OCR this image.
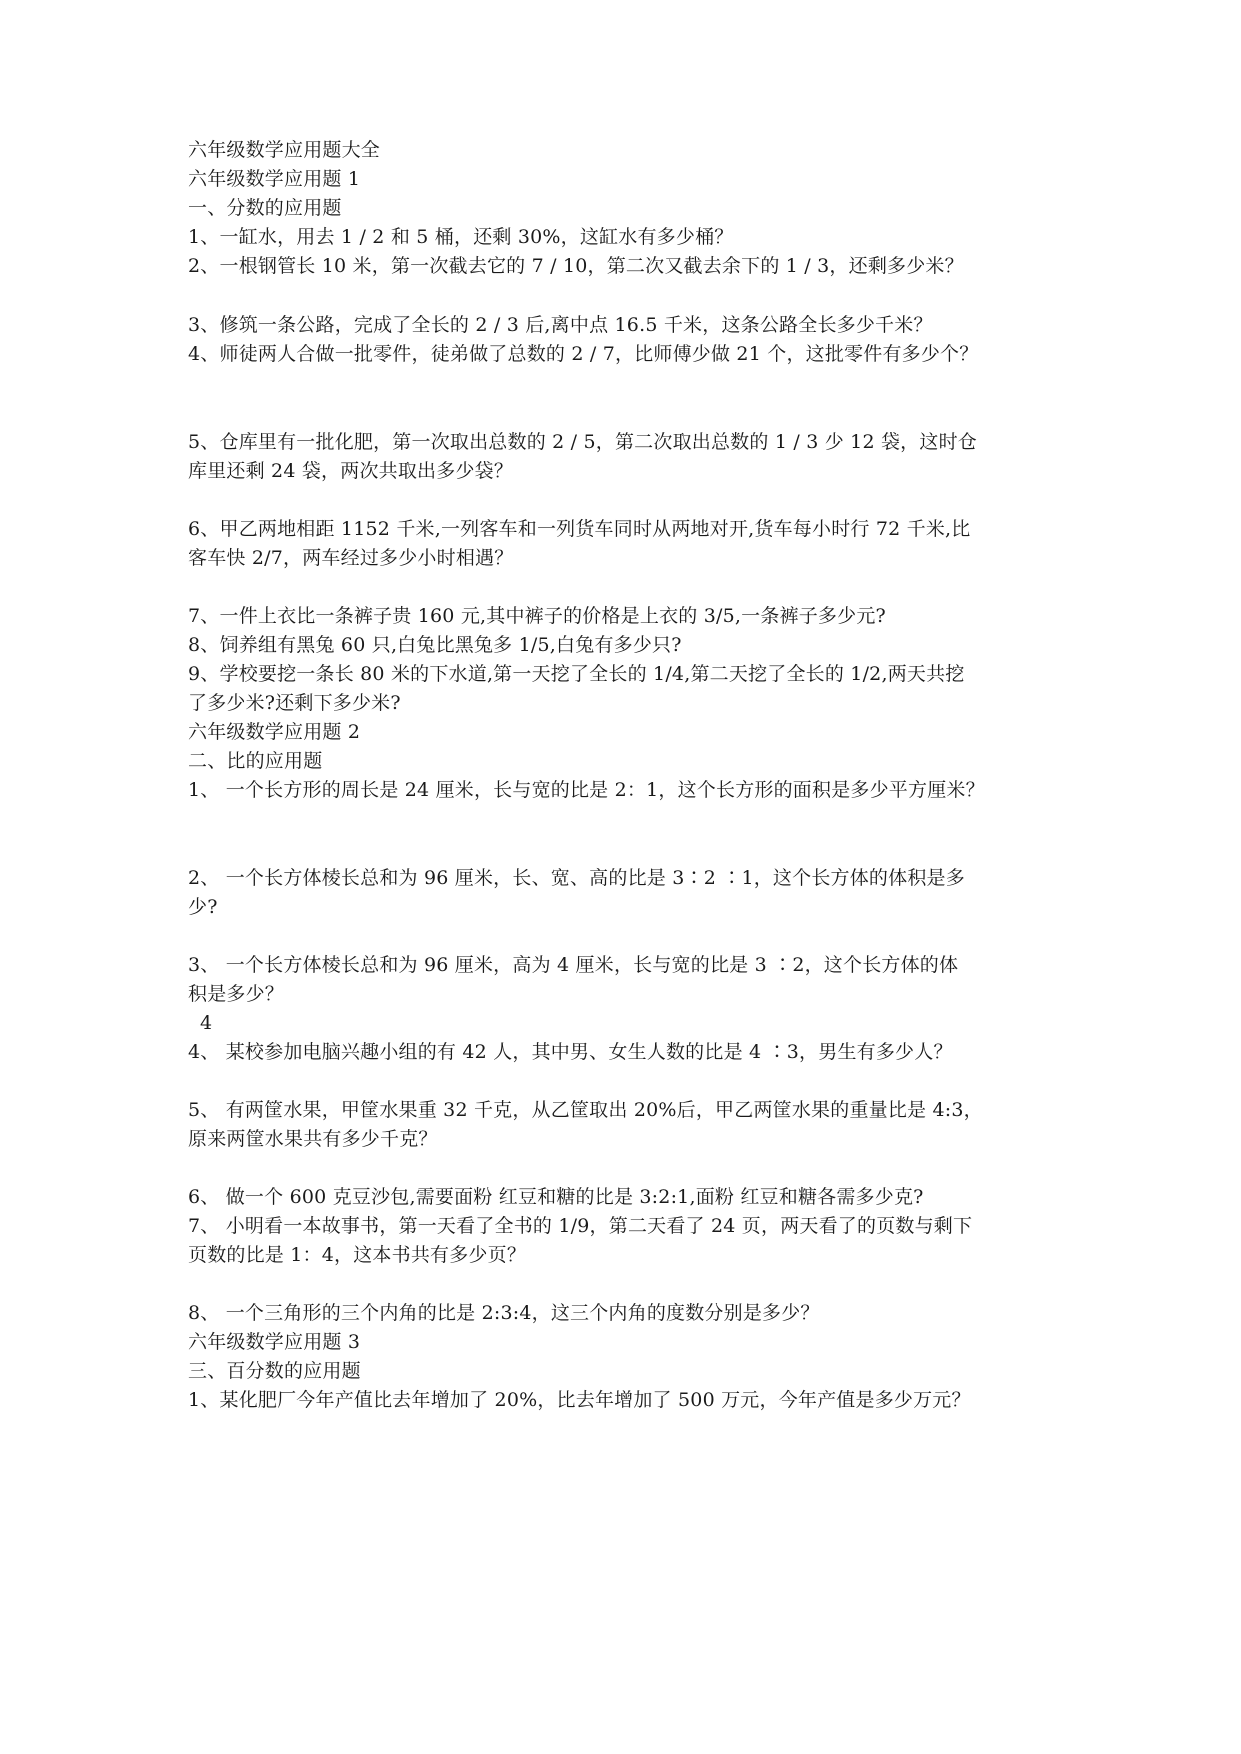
六年级数学应用题大全
六年级数学应用题 1
一、分数的应用题
1、一缸水，用去 1 / 2 和 5 桶，还剩 30%，这缸水有多少桶？
2、一根钢管长 10 米，第一次截去它的 7 / 10，第二次又截去余下的 1 / 3，还剩多少米？
3、修筑一条公路，完成了全长的 2 / 3 后,离中点 16.5 千米，这条公路全长多少千米？
4、师徒两人合做一批零件，徒弟做了总数的 2 / 7，比师傅少做 21 个，这批零件有多少个？
5、仓库里有一批化肥，第一次取出总数的 2 / 5，第二次取出总数的 1 / 3 少 12 袋，这时仓
库里还剩 24 袋，两次共取出多少袋？
6、甲乙两地相距 1152 千米,一列客车和一列货车同时从两地对开,货车每小时行 72 千米,比
客车快 2/7，两车经过多少小时相遇？
7、一件上衣比一条裤子贵 160 元,其中裤子的价格是上衣的 3/5,一条裤子多少元?
8、饲养组有黑兔 60 只,白兔比黑兔多 1/5,白兔有多少只?
9、学校要挖一条长 80 米的下水道,第一天挖了全长的 1/4,第二天挖了全长的 1/2,两天共挖
了多少米?还剩下多少米?
六年级数学应用题 2
二、比的应用题
1、 一个长方形的周长是 24 厘米，长与宽的比是 2：1，这个长方形的面积是多少平方厘米？
2、 一个长方体棱长总和为 96 厘米，长、宽、高的比是 3∶2 ∶1，这个长方体的体积是多
少?
3、 一个长方体棱长总和为 96 厘米，高为 4 厘米，长与宽的比是 3 ∶2，这个长方体的体
积是多少？
4
4、 某校参加电脑兴趣小组的有 42 人，其中男、女生人数的比是 4 ∶3，男生有多少人？
5、 有两筐水果，甲筐水果重 32 千克，从乙筐取出 20%后，甲乙两筐水果的重量比是 4:3，
原来两筐水果共有多少千克？
6、 做一个 600 克豆沙包,需要面粉 红豆和糖的比是 3:2:1,面粉 红豆和糖各需多少克?
7、 小明看一本故事书，第一天看了全书的 1/9，第二天看了 24 页，两天看了的页数与剩下
页数的比是 1：4，这本书共有多少页？
8、 一个三角形的三个内角的比是 2:3:4，这三个内角的度数分别是多少？
六年级数学应用题 3
三、百分数的应用题
1、某化肥厂今年产值比去年增加了 20%，比去年增加了 500 万元，今年产值是多少万元？
